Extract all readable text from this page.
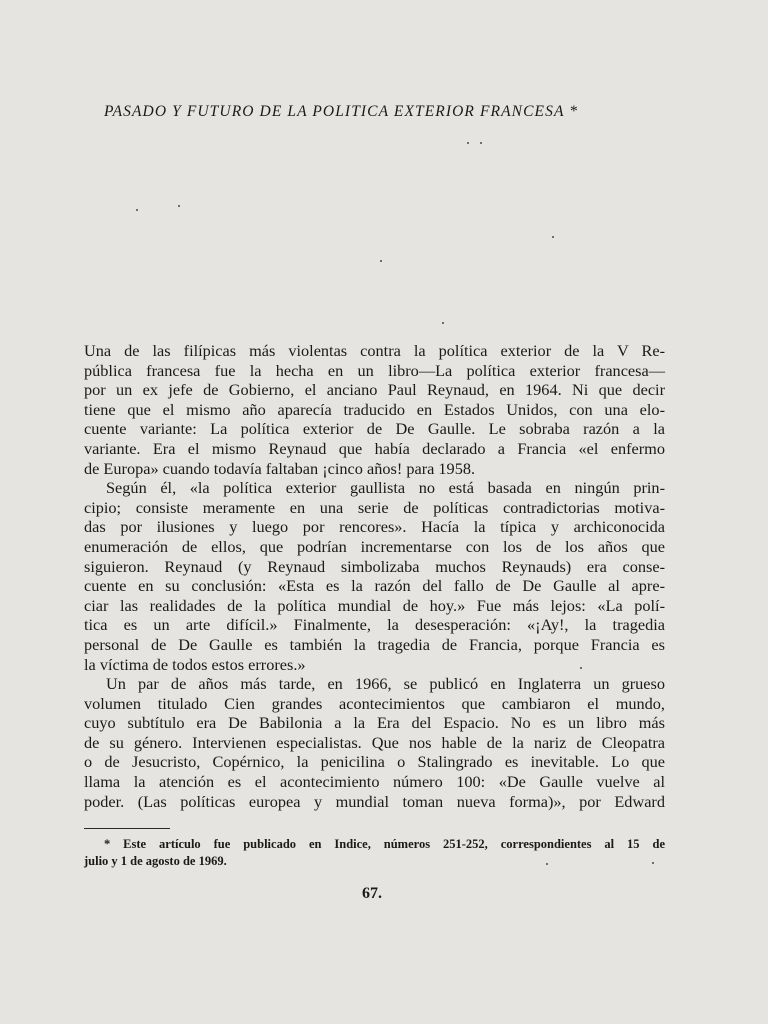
PASADO Y FUTURO DE LA POLITICA EXTERIOR FRANCESA *
Una de las filípicas más violentas contra la política exterior de la V Re-
pública francesa fue la hecha en un libro—La política exterior francesa—
por un ex jefe de Gobierno, el anciano Paul Reynaud, en 1964. Ni que decir
tiene que el mismo año aparecía traducido en Estados Unidos, con una elo-
cuente variante: La política exterior de De Gaulle. Le sobraba razón a la
variante. Era el mismo Reynaud que había declarado a Francia «el enfermo
de Europa» cuando todavía faltaban ¡cinco años! para 1958.
Según él, «la política exterior gaullista no está basada en ningún prin-
cipio; consiste meramente en una serie de políticas contradictorias motiva-
das por ilusiones y luego por rencores». Hacía la típica y archiconocida
enumeración de ellos, que podrían incrementarse con los de los años que
siguieron. Reynaud (y Reynaud simbolizaba muchos Reynauds) era conse-
cuente en su conclusión: «Esta es la razón del fallo de De Gaulle al apre-
ciar las realidades de la política mundial de hoy.» Fue más lejos: «La polí-
tica es un arte difícil.» Finalmente, la desesperación: «¡Ay!, la tragedia
personal de De Gaulle es también la tragedia de Francia, porque Francia es
la víctima de todos estos errores.»
Un par de años más tarde, en 1966, se publicó en Inglaterra un grueso
volumen titulado Cien grandes acontecimientos que cambiaron el mundo,
cuyo subtítulo era De Babilonia a la Era del Espacio. No es un libro más
de su género. Intervienen especialistas. Que nos hable de la nariz de Cleopatra
o de Jesucristo, Copérnico, la penicilina o Stalingrado es inevitable. Lo que
llama la atención es el acontecimiento número 100: «De Gaulle vuelve al
poder. (Las políticas europea y mundial toman nueva forma)», por Edward
* Este artículo fue publicado en Indice, números 251-252, correspondientes al 15 de
julio y 1 de agosto de 1969.
67.
